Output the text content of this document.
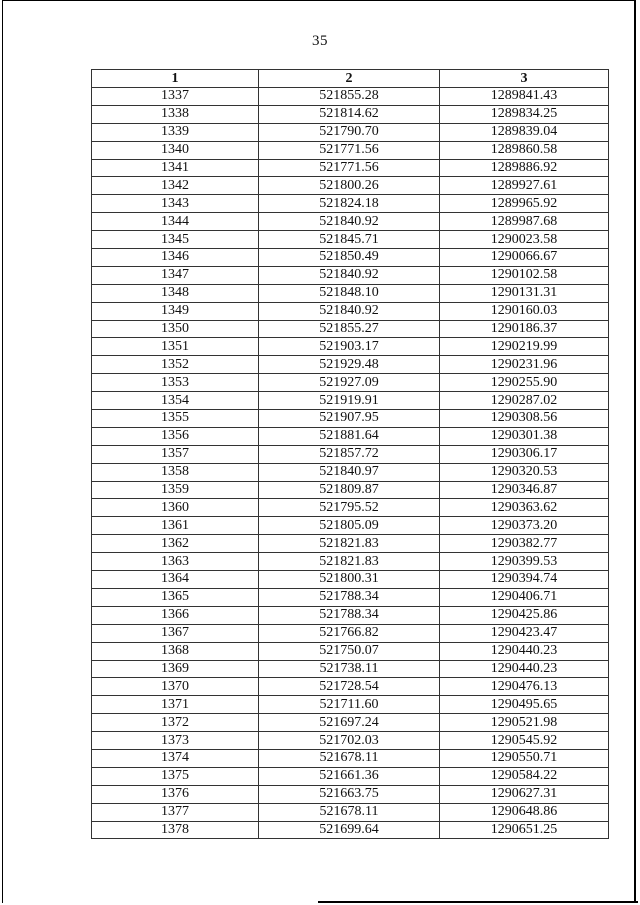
35
1	2	3
1337	521855.28	1289841.43
1338	521814.62	1289834.25
1339	521790.70	1289839.04
1340	521771.56	1289860.58
1341	521771.56	1289886.92
1342	521800.26	1289927.61
1343	521824.18	1289965.92
1344	521840.92	1289987.68
1345	521845.71	1290023.58
1346	521850.49	1290066.67
1347	521840.92	1290102.58
1348	521848.10	1290131.31
1349	521840.92	1290160.03
1350	521855.27	1290186.37
1351	521903.17	1290219.99
1352	521929.48	1290231.96
1353	521927.09	1290255.90
1354	521919.91	1290287.02
1355	521907.95	1290308.56
1356	521881.64	1290301.38
1357	521857.72	1290306.17
1358	521840.97	1290320.53
1359	521809.87	1290346.87
1360	521795.52	1290363.62
1361	521805.09	1290373.20
1362	521821.83	1290382.77
1363	521821.83	1290399.53
1364	521800.31	1290394.74
1365	521788.34	1290406.71
1366	521788.34	1290425.86
1367	521766.82	1290423.47
1368	521750.07	1290440.23
1369	521738.11	1290440.23
1370	521728.54	1290476.13
1371	521711.60	1290495.65
1372	521697.24	1290521.98
1373	521702.03	1290545.92
1374	521678.11	1290550.71
1375	521661.36	1290584.22
1376	521663.75	1290627.31
1377	521678.11	1290648.86
1378	521699.64	1290651.25
